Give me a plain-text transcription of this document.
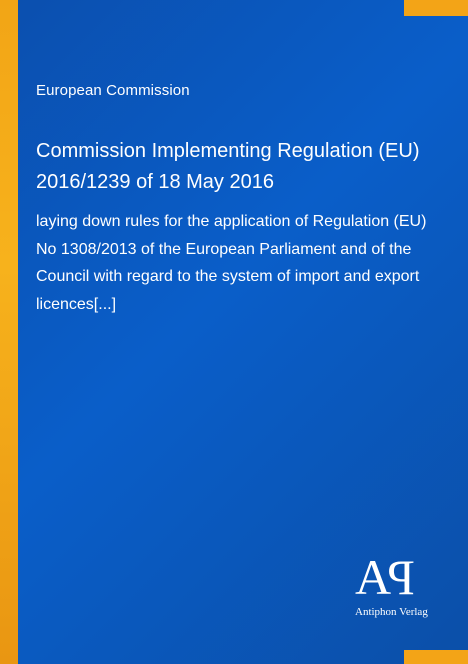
European Commission
Commission Implementing Regulation (EU) 2016/1239 of 18 May 2016
laying down rules for the application of Regulation (EU) No 1308/2013 of the European Parliament and of the Council with regard to the system of import and export licences[...]
AP
Antiphon Verlag
